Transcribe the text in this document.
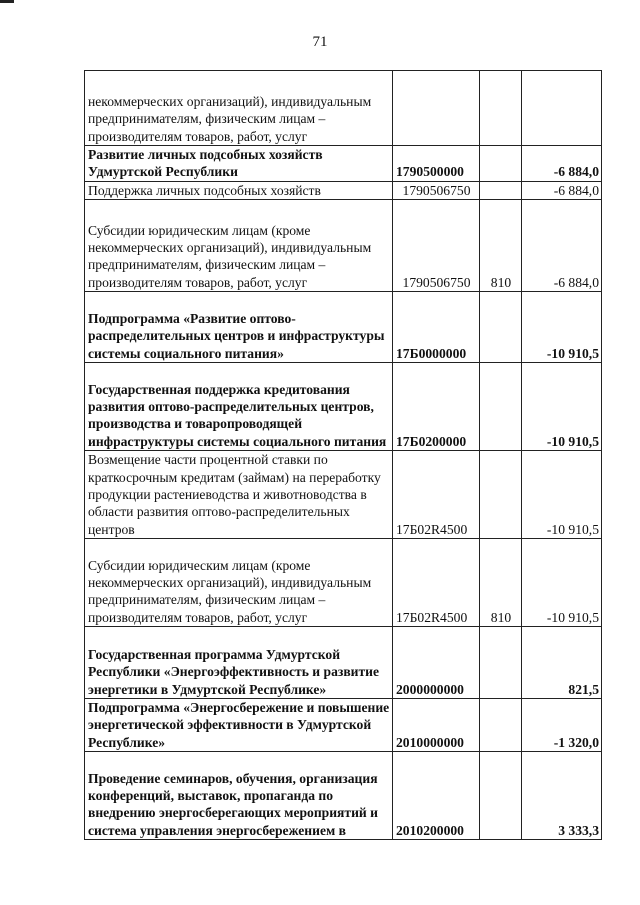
71
некоммерческих организаций), индивидуальным предпринимателям, физическим лицам – производителям товаров, работ, услуг			
Развитие личных подсобных хозяйств Удмуртской Республики	1790500000		-6 884,0
Поддержка личных подсобных хозяйств	1790506750		-6 884,0
Субсидии юридическим лицам (кроме некоммерческих организаций), индивидуальным предпринимателям, физическим лицам – производителям товаров, работ, услуг	1790506750	810	-6 884,0
Подпрограмма «Развитие оптово-распределительных центров и инфраструктуры системы социального питания»	17Б0000000		-10 910,5
Государственная поддержка кредитования развития оптово-распределительных центров, производства и товаропроводящей инфраструктуры системы социального питания	17Б0200000		-10 910,5
Возмещение части процентной ставки по краткосрочным кредитам (займам) на переработку продукции растениеводства и животноводства в области развития оптово-распределительных центров	17Б02R4500		-10 910,5
Субсидии юридическим лицам (кроме некоммерческих организаций), индивидуальным предпринимателям, физическим лицам – производителям товаров, работ, услуг	17Б02R4500	810	-10 910,5
Государственная программа Удмуртской Республики «Энергоэффективность и развитие энергетики в Удмуртской Республике»	2000000000		821,5
Подпрограмма «Энергосбережение и повышение энергетической эффективности в Удмуртской Республике»	2010000000		-1 320,0
Проведение семинаров, обучения, организация конференций, выставок, пропаганда по внедрению энергосберегающих мероприятий и система управления энергосбережением в	2010200000		3 333,3
